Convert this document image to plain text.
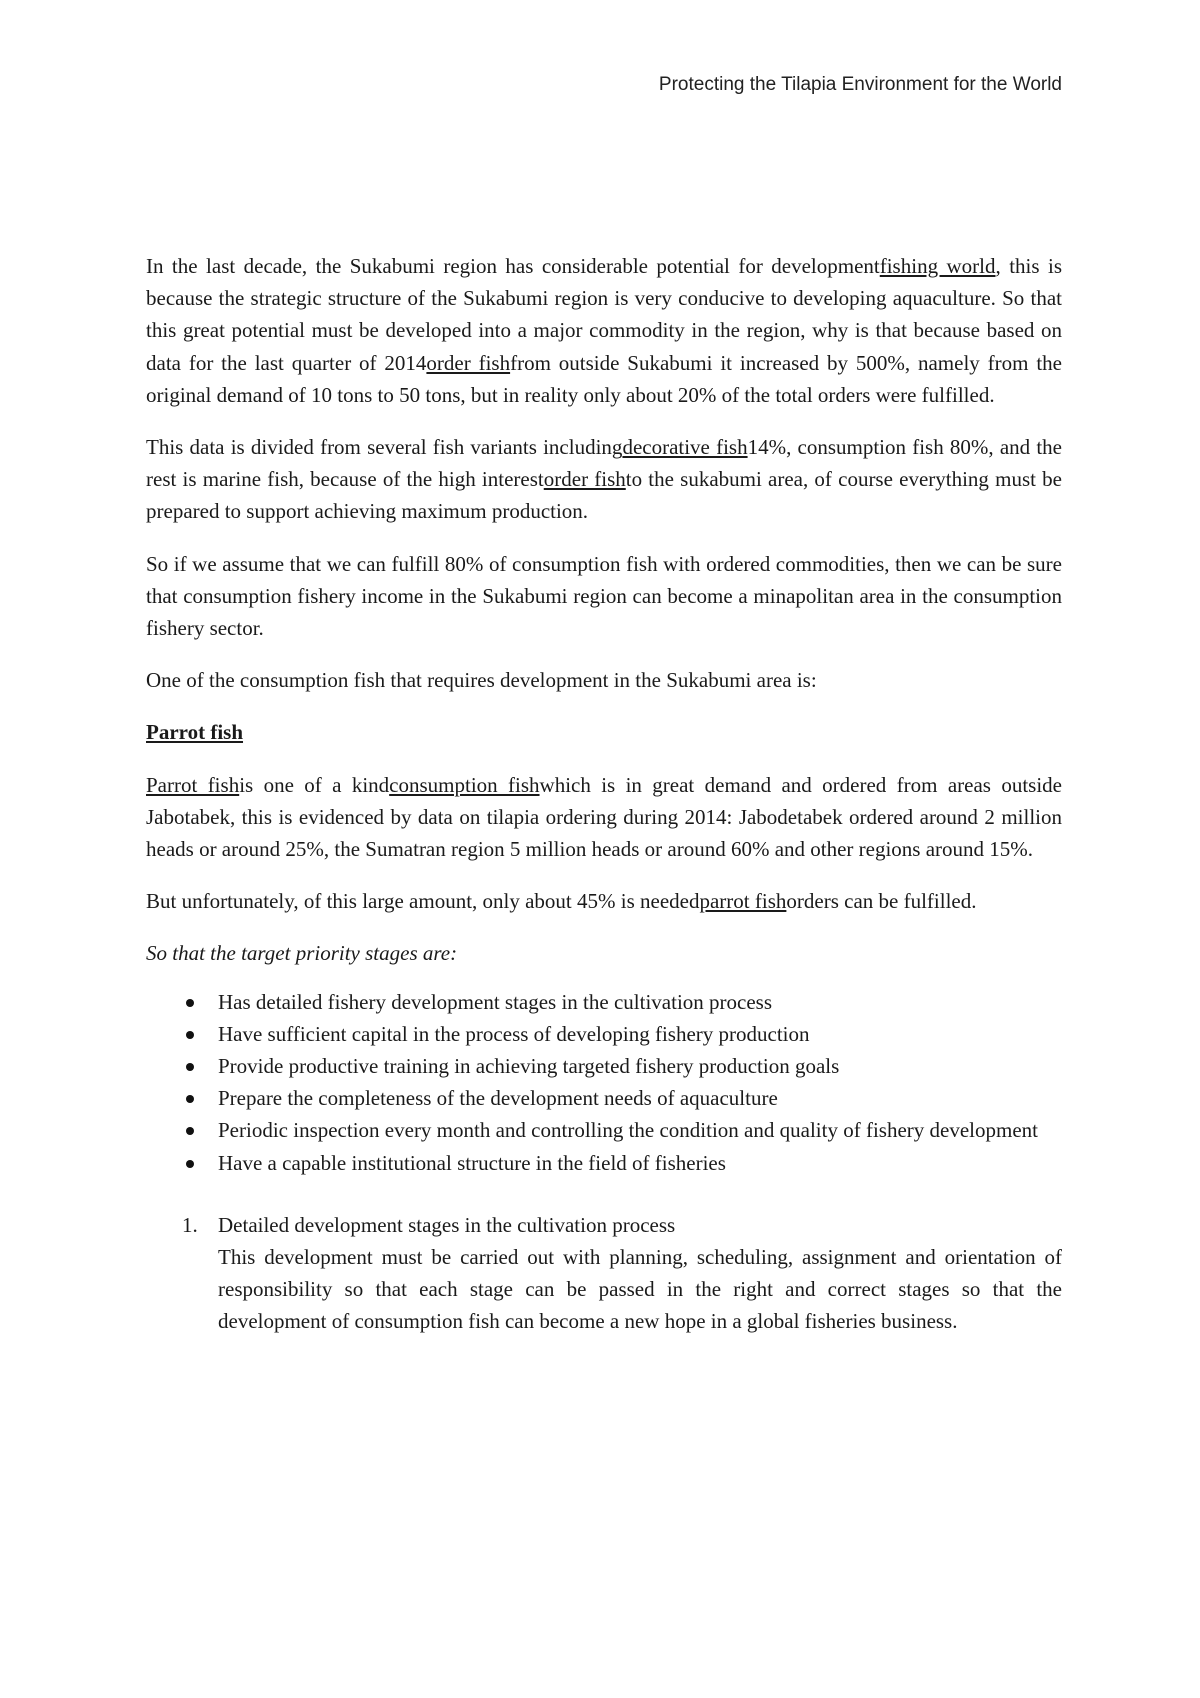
Protecting the Tilapia Environment for the World

In the last decade, the Sukabumi region has considerable potential for developmentfishing world, this is because the strategic structure of the Sukabumi region is very conducive to developing aquaculture. So that this great potential must be developed into a major commodity in the region, why is that because based on data for the last quarter of 2014order fishfrom outside Sukabumi it increased by 500%, namely from the original demand of 10 tons to 50 tons, but in reality only about 20% of the total orders were fulfilled.

This data is divided from several fish variants includingdecorative fish14%, consumption fish 80%, and the rest is marine fish, because of the high interestorder fishto the sukabumi area, of course everything must be prepared to support achieving maximum production.

So if we assume that we can fulfill 80% of consumption fish with ordered commodities, then we can be sure that consumption fishery income in the Sukabumi region can become a minapolitan area in the consumption fishery sector.

One of the consumption fish that requires development in the Sukabumi area is:

Parrot fish

Parrot fishis one of a kindconsumption fishwhich is in great demand and ordered from areas outside Jabotabek, this is evidenced by data on tilapia ordering during 2014: Jabodetabek ordered around 2 million heads or around 25%, the Sumatran region 5 million heads or around 60% and other regions around 15%.

But unfortunately, of this large amount, only about 45% is neededparrot fishorders can be fulfilled.

So that the target priority stages are:

Has detailed fishery development stages in the cultivation process
Have sufficient capital in the process of developing fishery production
Provide productive training in achieving targeted fishery production goals
Prepare the completeness of the development needs of aquaculture
Periodic inspection every month and controlling the condition and quality of fishery development
Have a capable institutional structure in the field of fisheries
1. Detailed development stages in the cultivation process
This development must be carried out with planning, scheduling, assignment and orientation of responsibility so that each stage can be passed in the right and correct stages so that the development of consumption fish can become a new hope in a global fisheries business.
